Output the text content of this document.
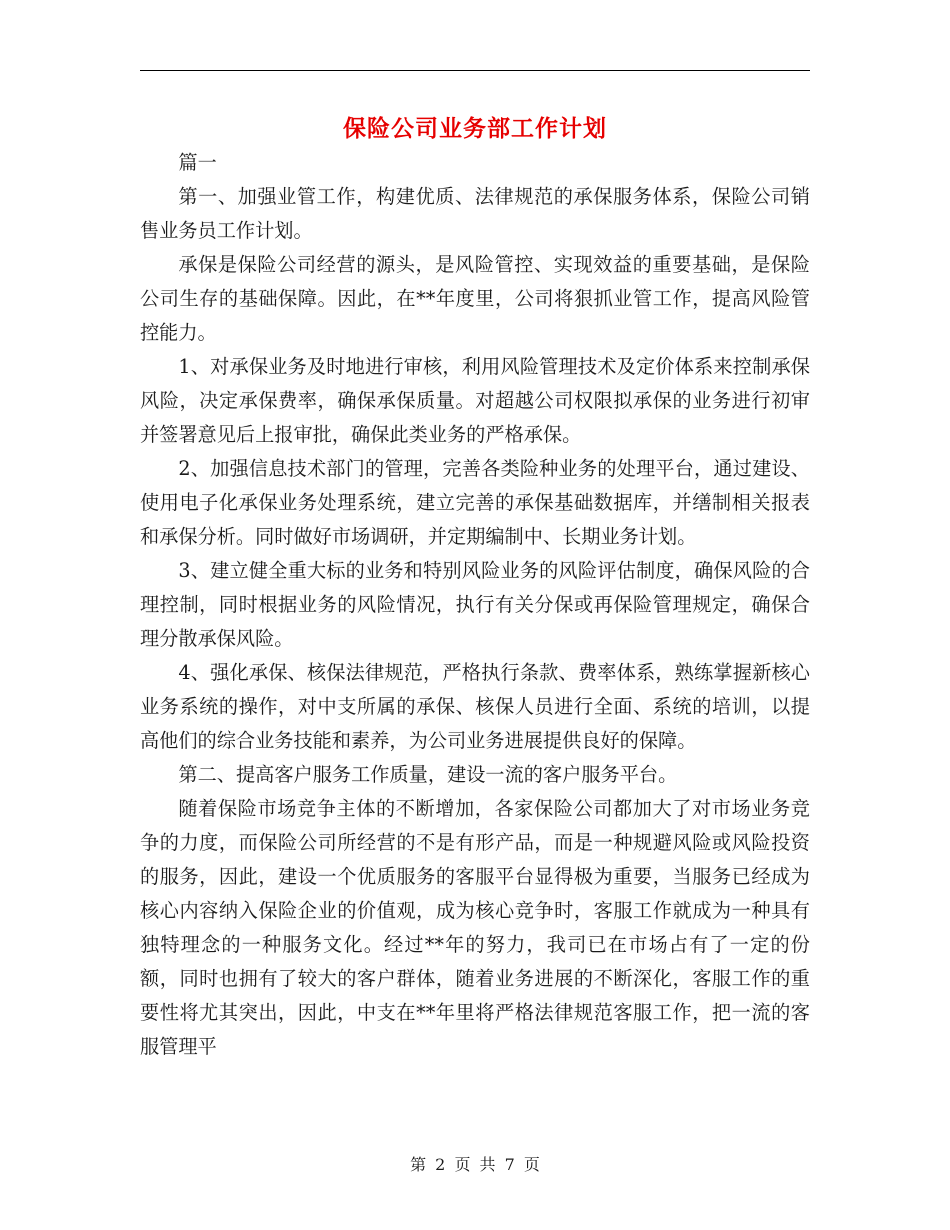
保险公司业务部工作计划

篇一

第一、加强业管工作，构建优质、法律规范的承保服务体系，保险公司销售业务员工作计划。

承保是保险公司经营的源头，是风险管控、实现效益的重要基础，是保险公司生存的基础保障。因此，在**年度里，公司将狠抓业管工作，提高风险管控能力。

1、对承保业务及时地进行审核，利用风险管理技术及定价体系来控制承保风险，决定承保费率，确保承保质量。对超越公司权限拟承保的业务进行初审并签署意见后上报审批，确保此类业务的严格承保。

2、加强信息技术部门的管理，完善各类险种业务的处理平台，通过建设、使用电子化承保业务处理系统，建立完善的承保基础数据库，并缮制相关报表和承保分析。同时做好市场调研，并定期编制中、长期业务计划。

3、建立健全重大标的业务和特别风险业务的风险评估制度，确保风险的合理控制，同时根据业务的风险情况，执行有关分保或再保险管理规定，确保合理分散承保风险。

4、强化承保、核保法律规范，严格执行条款、费率体系，熟练掌握新核心业务系统的操作，对中支所属的承保、核保人员进行全面、系统的培训，以提高他们的综合业务技能和素养，为公司业务进展提供良好的保障。

第二、提高客户服务工作质量，建设一流的客户服务平台。

随着保险市场竞争主体的不断增加，各家保险公司都加大了对市场业务竞争的力度，而保险公司所经营的不是有形产品，而是一种规避风险或风险投资的服务，因此，建设一个优质服务的客服平台显得极为重要，当服务已经成为核心内容纳入保险企业的价值观，成为核心竞争时，客服工作就成为一种具有独特理念的一种服务文化。经过**年的努力，我司已在市场占有了一定的份额，同时也拥有了较大的客户群体，随着业务进展的不断深化，客服工作的重要性将尤其突出，因此，中支在**年里将严格法律规范客服工作，把一流的客服管理平

第 2 页 共 7 页
